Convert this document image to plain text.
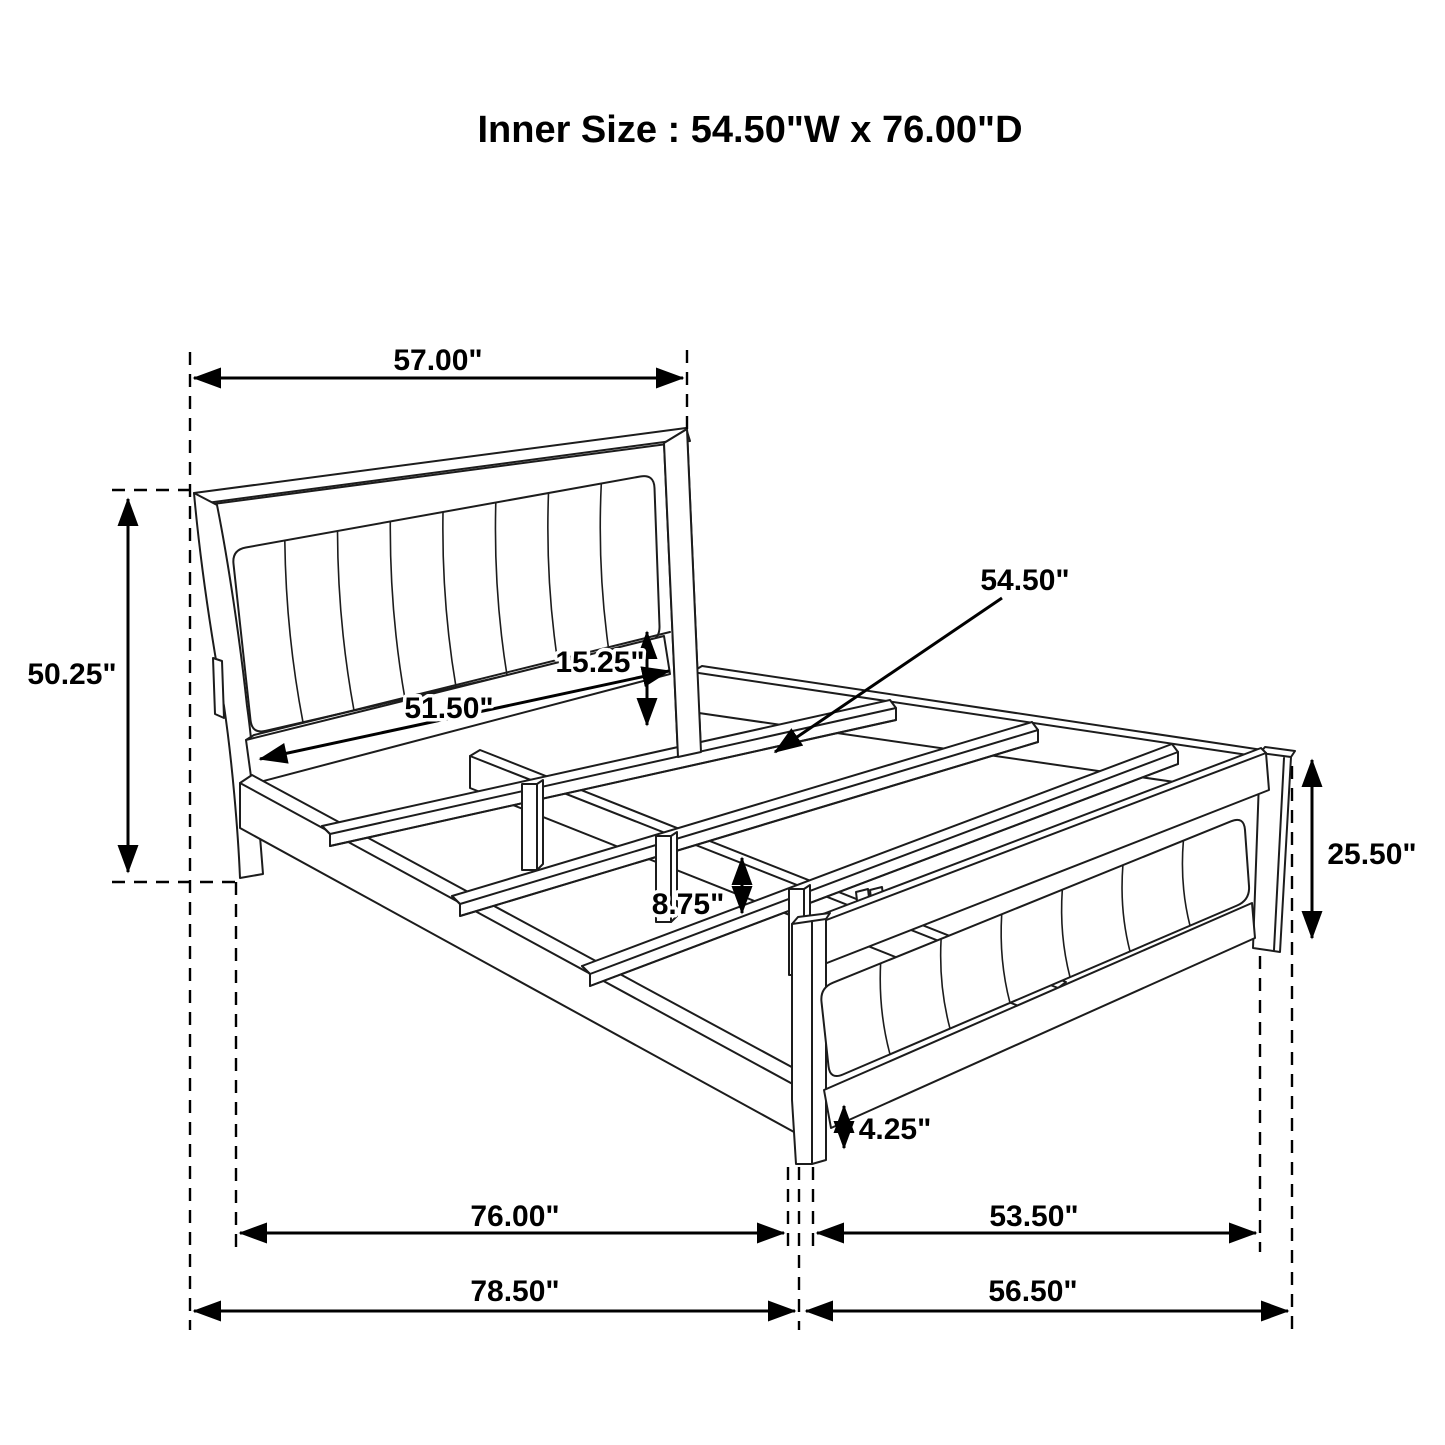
Inner Size : 54.50"W x 76.00"D
57.00"
50.25"	15.25"
51.50"
54.50"
25.50"
8.75"
4.25"
76.00"	53.50"
78.50"	56.50"
